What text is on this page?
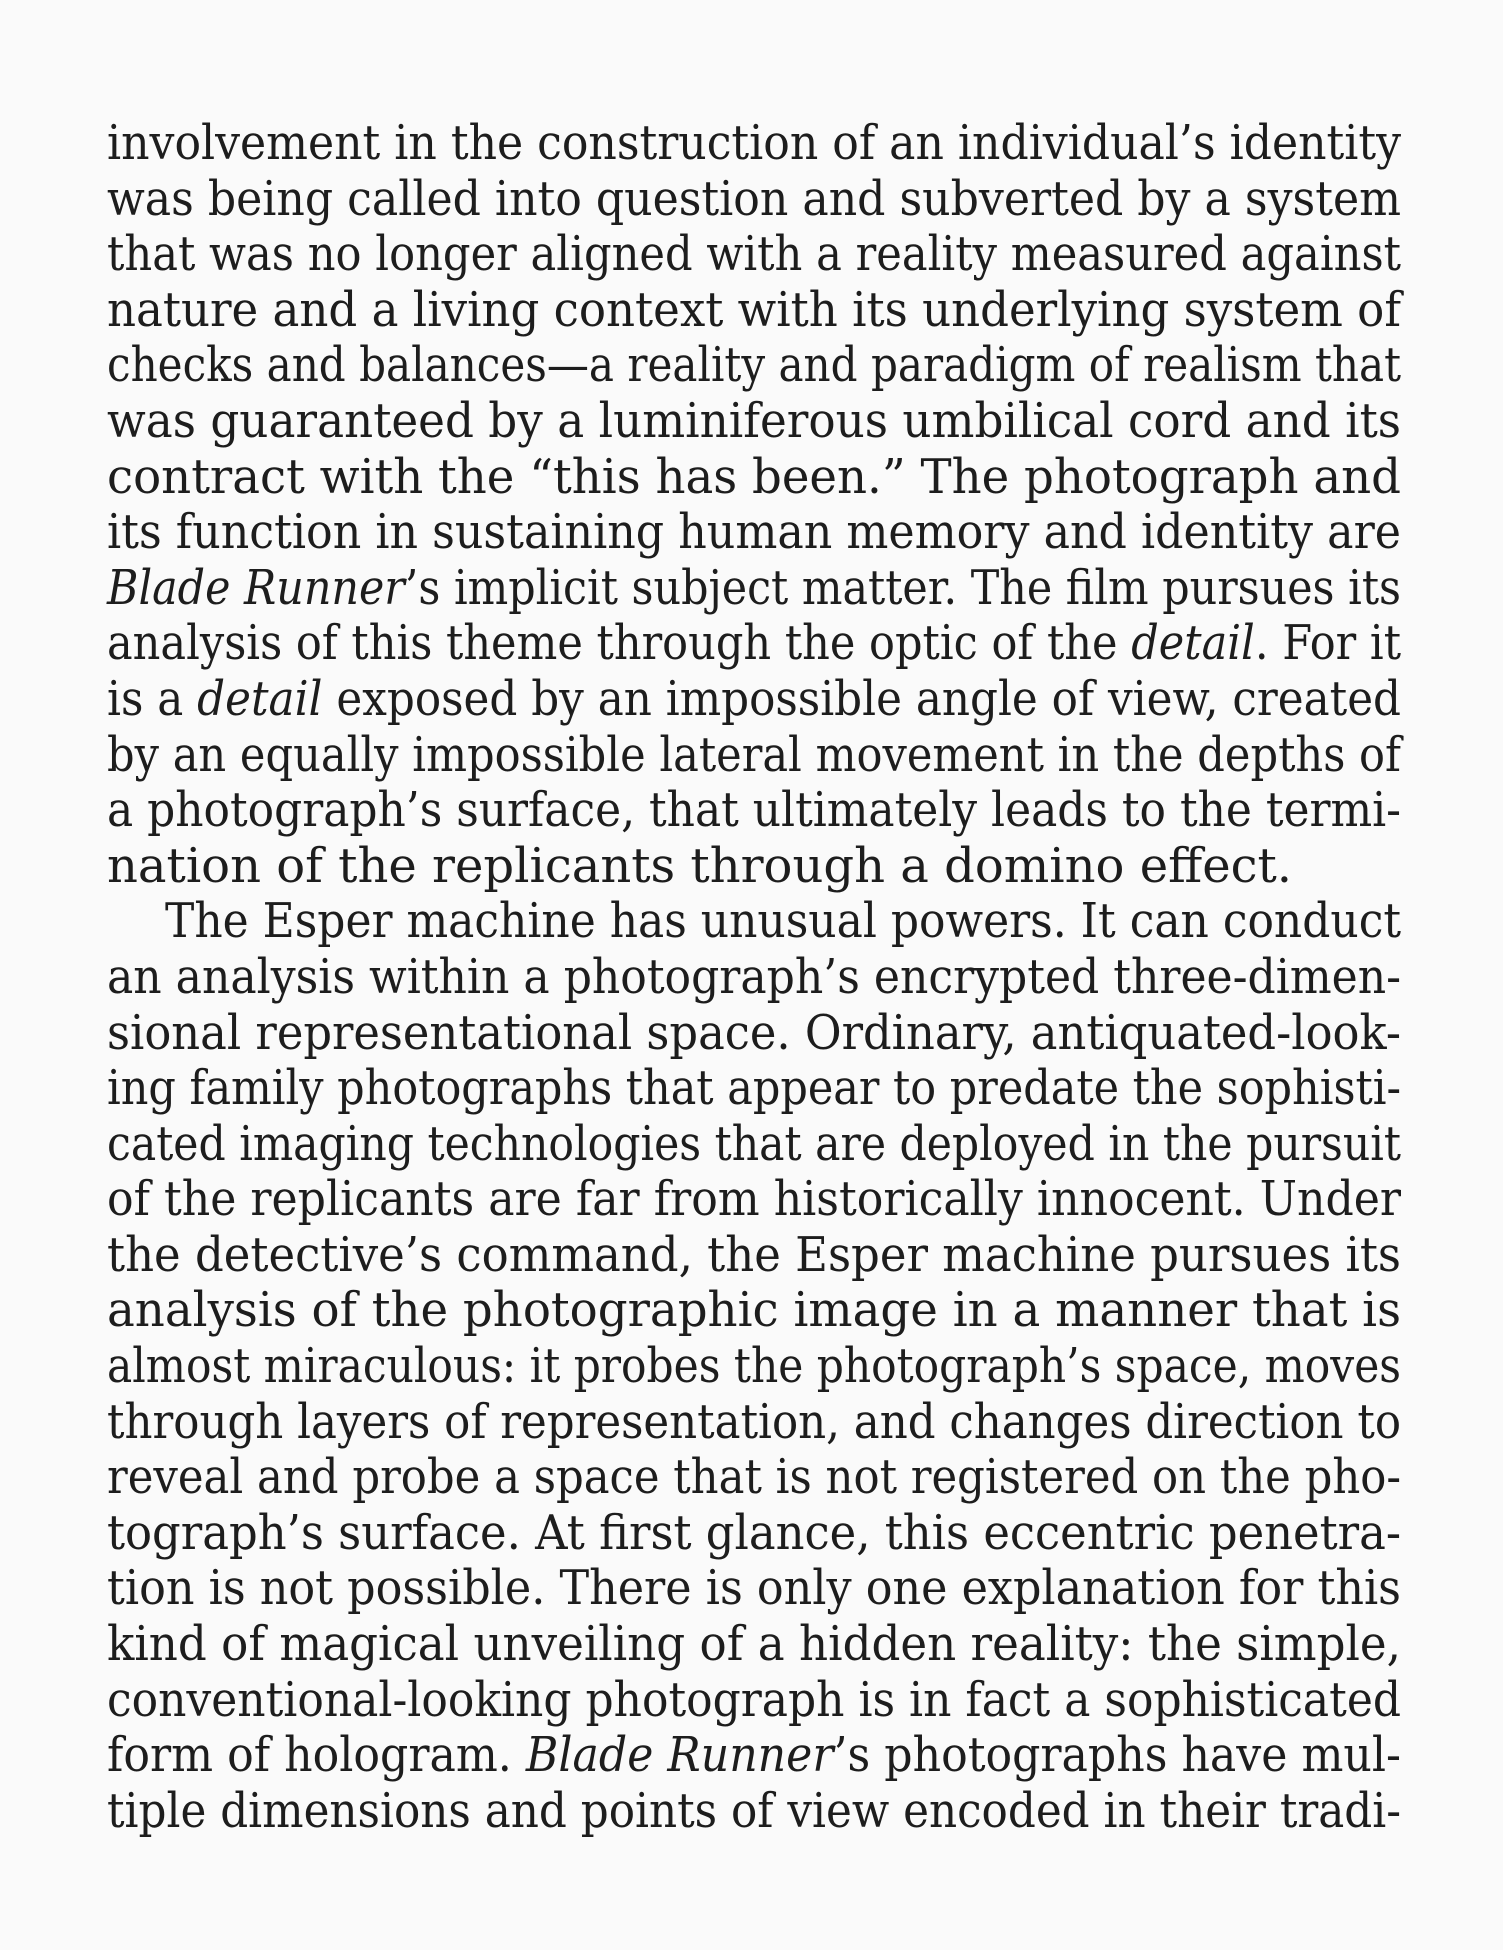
involvement in the construction of an individual’s identity
was being called into question and subverted by a system
that was no longer aligned with a reality measured against
nature and a living context with its underlying system of
checks and balances—a reality and paradigm of realism that
was guaranteed by a luminiferous umbilical cord and its
contract with the “this has been.” The photograph and
its function in sustaining human memory and identity are
Blade Runner’s implicit subject matter. The film pursues its
analysis of this theme through the optic of the detail. For it
is a detail exposed by an impossible angle of view, created
by an equally impossible lateral movement in the depths of
a photograph’s surface, that ultimately leads to the termi-
nation of the replicants through a domino effect.
The Esper machine has unusual powers. It can conduct
an analysis within a photograph’s encrypted three-dimen-
sional representational space. Ordinary, antiquated-look-
ing family photographs that appear to predate the sophisti-
cated imaging technologies that are deployed in the pursuit
of the replicants are far from historically innocent. Under
the detective’s command, the Esper machine pursues its
analysis of the photographic image in a manner that is
almost miraculous: it probes the photograph’s space, moves
through layers of representation, and changes direction to
reveal and probe a space that is not registered on the pho-
tograph’s surface. At first glance, this eccentric penetra-
tion is not possible. There is only one explanation for this
kind of magical unveiling of a hidden reality: the simple,
conventional-looking photograph is in fact a sophisticated
form of hologram. Blade Runner’s photographs have mul-
tiple dimensions and points of view encoded in their tradi-
